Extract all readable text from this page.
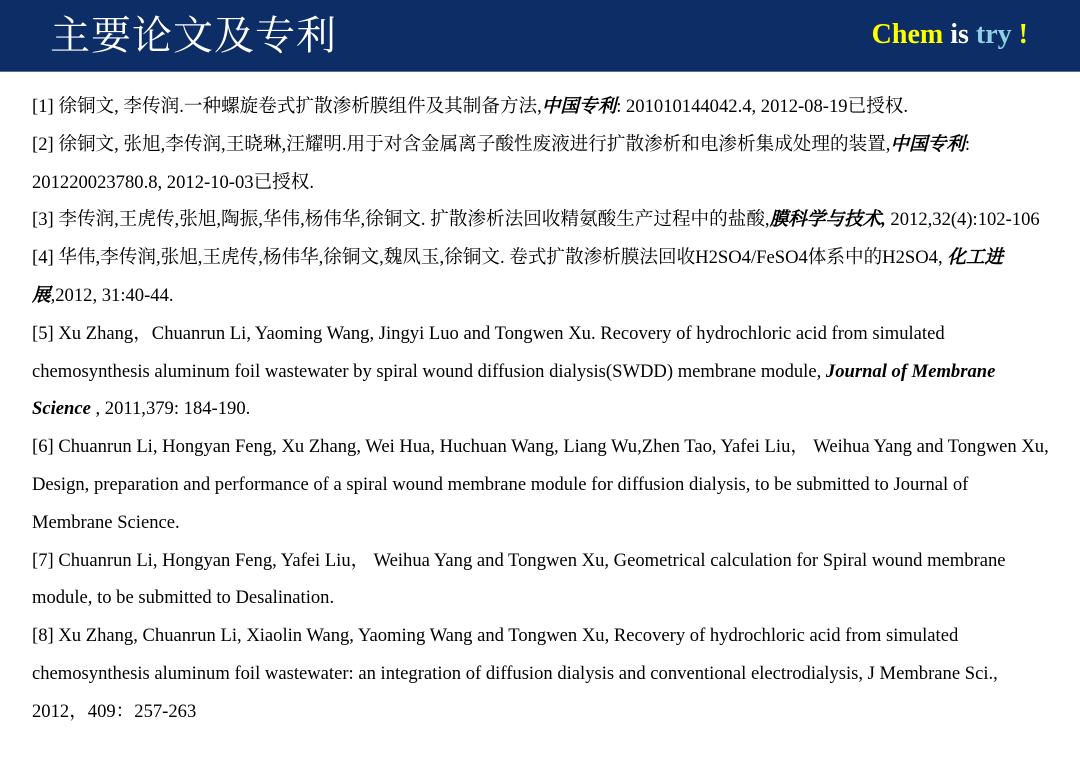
主要论文及专利	Chem is try !

[1] 徐铜文, 李传润.一种螺旋卷式扩散渗析膜组件及其制备方法,中国专利: 201010144042.4, 2012-08-19已授权.

[2] 徐铜文, 张旭,李传润,王晓琳,汪耀明.用于对含金属离子酸性废液进行扩散渗析和电渗析集成处理的装置,中国专利: 201220023780.8, 2012-10-03已授权.

[3] 李传润,王虎传,张旭,陶振,华伟,杨伟华,徐铜文. 扩散渗析法回收精氨酸生产过程中的盐酸,膜科学与技术, 2012,32(4):102-106

[4] 华伟,李传润,张旭,王虎传,杨伟华,徐铜文,魏凤玉,徐铜文. 卷式扩散渗析膜法回收H2SO4/FeSO4体系中的H2SO4, 化工进展,2012, 31:40-44.

[5] Xu Zhang，Chuanrun Li, Yaoming Wang, Jingyi Luo and Tongwen Xu. Recovery of hydrochloric acid from simulated chemosynthesis aluminum foil wastewater by spiral wound diffusion dialysis(SWDD) membrane module, Journal of Membrane Science , 2011,379: 184-190.

[6] Chuanrun Li, Hongyan Feng, Xu Zhang, Wei Hua, Huchuan Wang, Liang Wu,Zhen Tao, Yafei Liu， Weihua Yang and Tongwen Xu, Design, preparation and performance of a spiral wound membrane module for diffusion dialysis, to be submitted to Journal of Membrane Science.

[7] Chuanrun Li, Hongyan Feng, Yafei Liu， Weihua Yang and Tongwen Xu, Geometrical calculation for Spiral wound membrane module, to be submitted to Desalination.

[8] Xu Zhang, Chuanrun Li, Xiaolin Wang, Yaoming Wang and Tongwen Xu, Recovery of hydrochloric acid from simulated chemosynthesis aluminum foil wastewater: an integration of diffusion dialysis and conventional electrodialysis, J Membrane Sci., 2012，409：257-263
